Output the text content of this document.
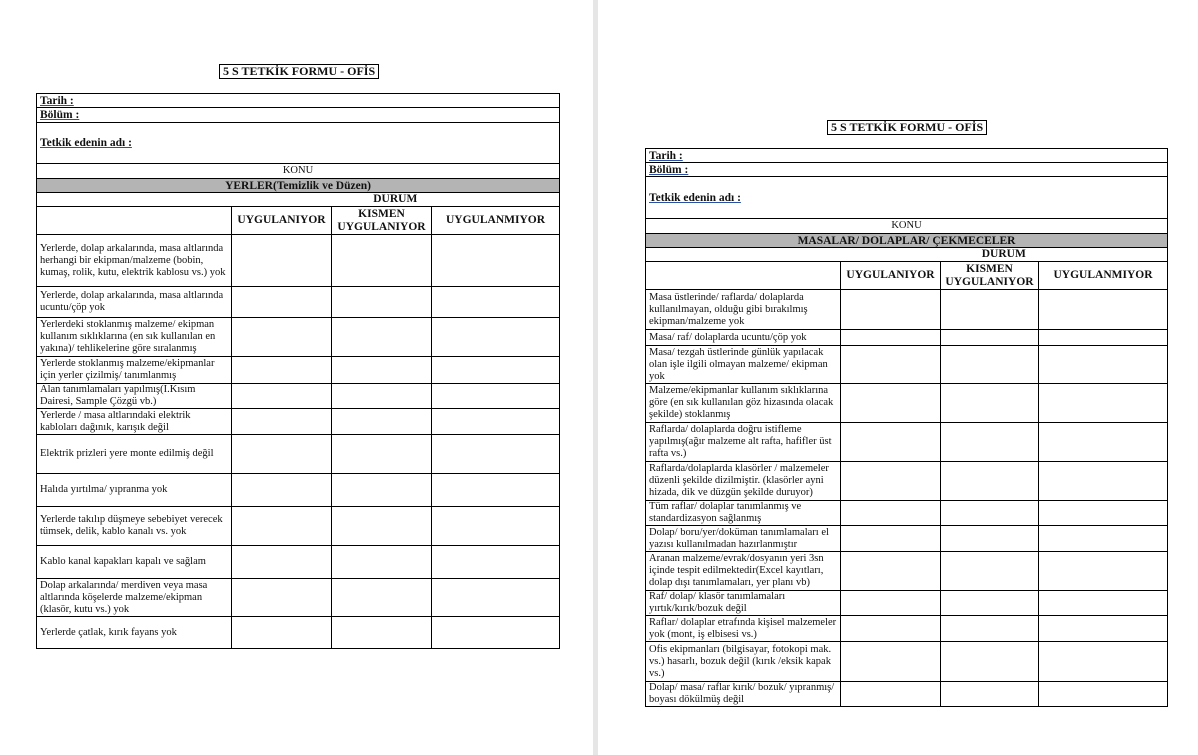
5 S TETKİK FORMU - OFİS
Tarih :			
Bölüm :			
Tetkik edenin adı :			
KONU			
YERLER(Temizlik ve Düzen)			
	DURUM		
	UYGULANIYOR	KISMEN UYGULANIYOR	UYGULANMIYOR
Yerlerde, dolap arkalarında, masa altlarında herhangi bir ekipman/malzeme (bobin, kumaş, rolik, kutu, elektrik kablosu vs.) yok			
Yerlerde, dolap arkalarında, masa altlarında ucuntu/çöp yok			
Yerlerdeki stoklanmış malzeme/ ekipman kullanım sıklıklarına (en sık kullanılan en yakına)/ tehlikelerine göre sıralanmış			
Yerlerde stoklanmış malzeme/ekipmanlar için yerler çizilmiş/ tanımlanmış			
Alan tanımlamaları yapılmış(I.Kısım Dairesi, Sample Çözgü vb.)			
Yerlerde / masa altlarındaki elektrik kabloları dağınık, karışık değil			
Elektrik prizleri yere monte edilmiş değil			
Halıda yırtılma/ yıpranma yok			
Yerlerde takılıp düşmeye sebebiyet verecek tümsek, delik, kablo kanalı vs. yok			
Kablo kanal kapakları kapalı ve sağlam			
Dolap arkalarında/ merdiven veya masa altlarında köşelerde malzeme/ekipman (klasör, kutu vs.) yok			
Yerlerde çatlak, kırık fayans yok			
5 S TETKİK FORMU - OFİS
Tarih :			
Bölüm :			
Tetkik edenin adı :			
KONU			
MASALAR/ DOLAPLAR/ ÇEKMECELER			
	DURUM		
	UYGULANIYOR	KISMEN UYGULANIYOR	UYGULANMIYOR
Masa üstlerinde/ raflarda/ dolaplarda kullanılmayan, olduğu gibi bırakılmış ekipman/malzeme yok			
Masa/ raf/ dolaplarda ucuntu/çöp yok			
Masa/ tezgah üstlerinde günlük yapılacak olan işle ilgili olmayan malzeme/ ekipman yok			
Malzeme/ekipmanlar kullanım sıklıklarına göre (en sık kullanılan göz hizasında olacak şekilde) stoklanmış			
Raflarda/ dolaplarda doğru istifleme yapılmış(ağır malzeme alt rafta, hafifler üst rafta vs.)			
Raflarda/dolaplarda klasörler / malzemeler düzenli şekilde dizilmiştir. (klasörler ayni hizada, dik ve düzgün şekilde duruyor)			
Tüm raflar/ dolaplar tanımlanmış ve standardizasyon sağlanmış			
Dolap/ boru/yer/doküman tanımlamaları el yazısı kullanılmadan hazırlanmıştır			
Aranan malzeme/evrak/dosyanın yeri 3sn içinde tespit edilmektedir(Excel kayıtları, dolap dışı tanımlamaları, yer planı vb)			
Raf/ dolap/ klasör tanımlamaları yırtık/kırık/bozuk değil			
Raflar/ dolaplar etrafında kişisel malzemeler yok (mont, iş elbisesi vs.)			
Ofis ekipmanları (bilgisayar, fotokopi mak. vs.) hasarlı, bozuk değil (kırık /eksik kapak vs.)			
Dolap/ masa/ raflar kırık/ bozuk/ yıpranmış/ boyası dökülmüş değil			
